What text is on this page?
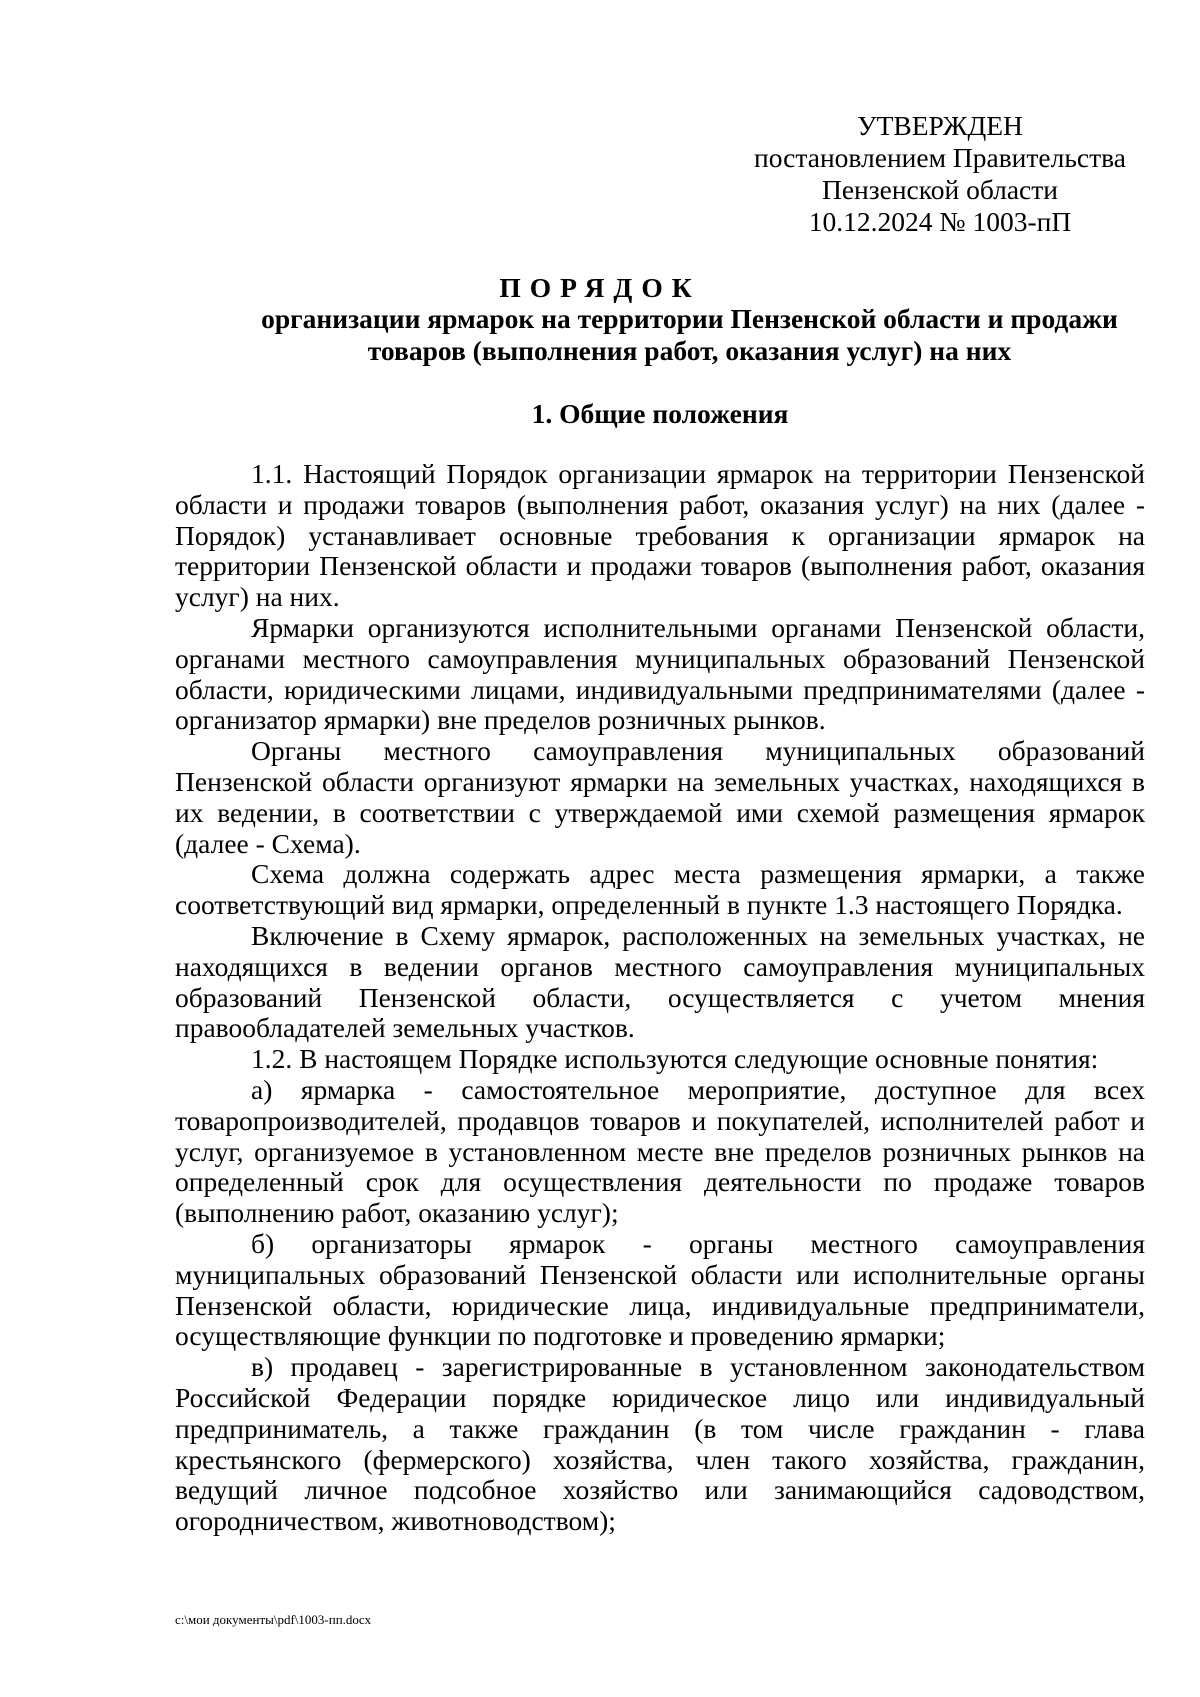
УТВЕРЖДЕН
постановлением Правительства
Пензенской области
10.12.2024 № 1003-пП
ПОРЯДОК
организации ярмарок на территории Пензенской области и продажи товаров (выполнения работ, оказания услуг) на них
1. Общие положения

1.1. Настоящий Порядок организации ярмарок на территории Пензенской области и продажи товаров (выполнения работ, оказания услуг) на них (далее - Порядок) устанавливает основные требования к организации ярмарок на территории Пензенской области и продажи товаров (выполнения работ, оказания услуг) на них.

Ярмарки организуются исполнительными органами Пензенской области, органами местного самоуправления муниципальных образований Пензенской области, юридическими лицами, индивидуальными предпринимателями (далее - организатор ярмарки) вне пределов розничных рынков.

Органы местного самоуправления муниципальных образований Пензенской области организуют ярмарки на земельных участках, находящихся в их ведении, в соответствии с утверждаемой ими схемой размещения ярмарок (далее - Схема).

Схема должна содержать адрес места размещения ярмарки, а также соответствующий вид ярмарки, определенный в пункте 1.3 настоящего Порядка.

Включение в Схему ярмарок, расположенных на земельных участках, не находящихся в ведении органов местного самоуправления муниципальных образований Пензенской области, осуществляется с учетом мнения правообладателей земельных участков.

1.2. В настоящем Порядке используются следующие основные понятия:

а) ярмарка - самостоятельное мероприятие, доступное для всех товаропроизводителей, продавцов товаров и покупателей, исполнителей работ и услуг, организуемое в установленном месте вне пределов розничных рынков на определенный срок для осуществления деятельности по продаже товаров (выполнению работ, оказанию услуг);

б) организаторы ярмарок - органы местного самоуправления муниципальных образований Пензенской области или исполнительные органы Пензенской области, юридические лица, индивидуальные предприниматели, осуществляющие функции по подготовке и проведению ярмарки;

в) продавец - зарегистрированные в установленном законодательством Российской Федерации порядке юридическое лицо или индивидуальный предприниматель, а также гражданин (в том числе гражданин - глава крестьянского (фермерского) хозяйства, член такого хозяйства, гражданин, ведущий личное подсобное хозяйство или занимающийся садоводством, огородничеством, животноводством);

c:\мои документы\pdf\1003-пп.docx
